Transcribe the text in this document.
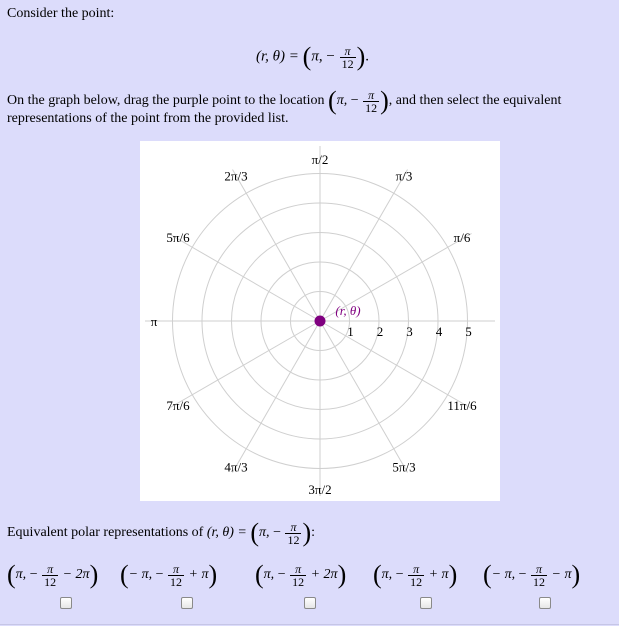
Consider the point:
(r, θ) = (π, − $\frac{\pi}{12}$ ).
On the graph below, drag the purple point to the location (π, − $\frac{\pi}{12}$ ), and then select the equivalent
representations of the point from the provided list.
π/2
π/3
π/6
11π/6
5π/3
3π/2
4π/3
7π/6
π
5π/6
2π/3
1 2 3 4 5
(r, θ)
Equivalent polar representations of (r, θ) = (π, − $\frac{\pi}{12}$ ):
(π, − $\frac{\pi}{12} - 2\pi$) (− π, − $\frac{\pi}{12} + \pi$) (π, − $\frac{\pi}{12} + 2\pi$) (π, − $\frac{\pi}{12} + \pi$) (− π, − $\frac{\pi}{12} - \pi$)
